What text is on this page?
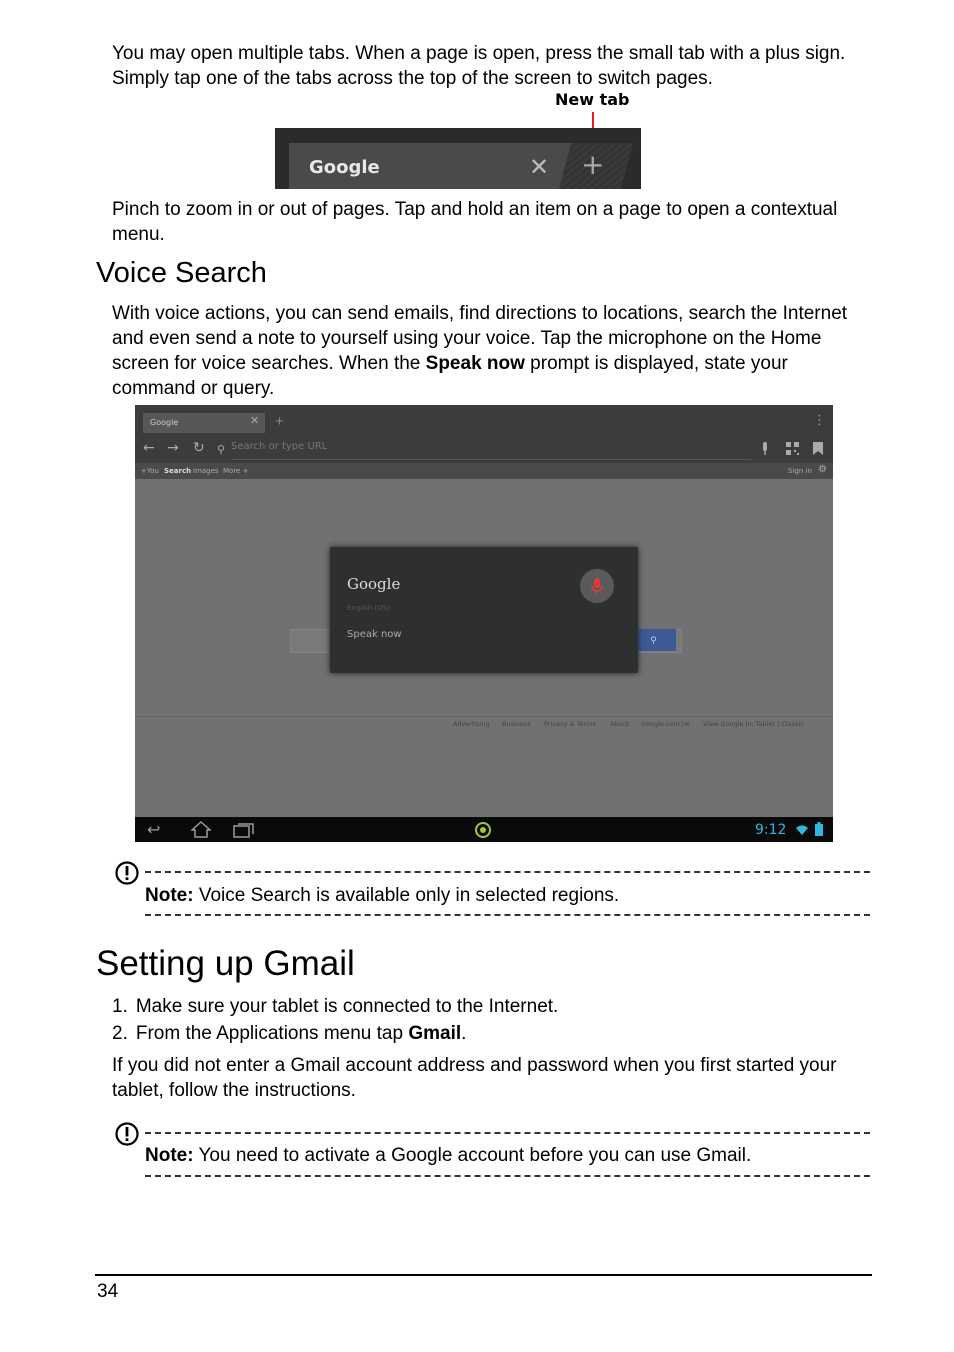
You may open multiple tabs. When a page is open, press the small tab with a plus sign. Simply tap one of the tabs across the top of the screen to switch pages.
New tab
Google	✕ +
Pinch to zoom in or out of pages. Tap and hold an item on a page to open a contextual menu.
Voice Search
With voice actions, you can send emails, find directions to locations, search the Internet and even send a note to yourself using your voice. Tap the microphone on the Home screen for voice searches. When the Speak now prompt is displayed, state your command or query.
Google	✕ +	⋮
← → ↻ ⚲ Search or type URL
+You Search Images More +	Sign in ⚙
⚲
Advertising Business Privacy & Terms About Google.com.tw View Google in: Tablet | Classic
Google
English (US)
Speak now
↩	9:12
Note: Voice Search is available only in selected regions.
Setting up Gmail
1. Make sure your tablet is connected to the Internet.
2. From the Applications menu tap Gmail.
If you did not enter a Gmail account address and password when you first started your tablet, follow the instructions.
Note: You need to activate a Google account before you can use Gmail.
34
